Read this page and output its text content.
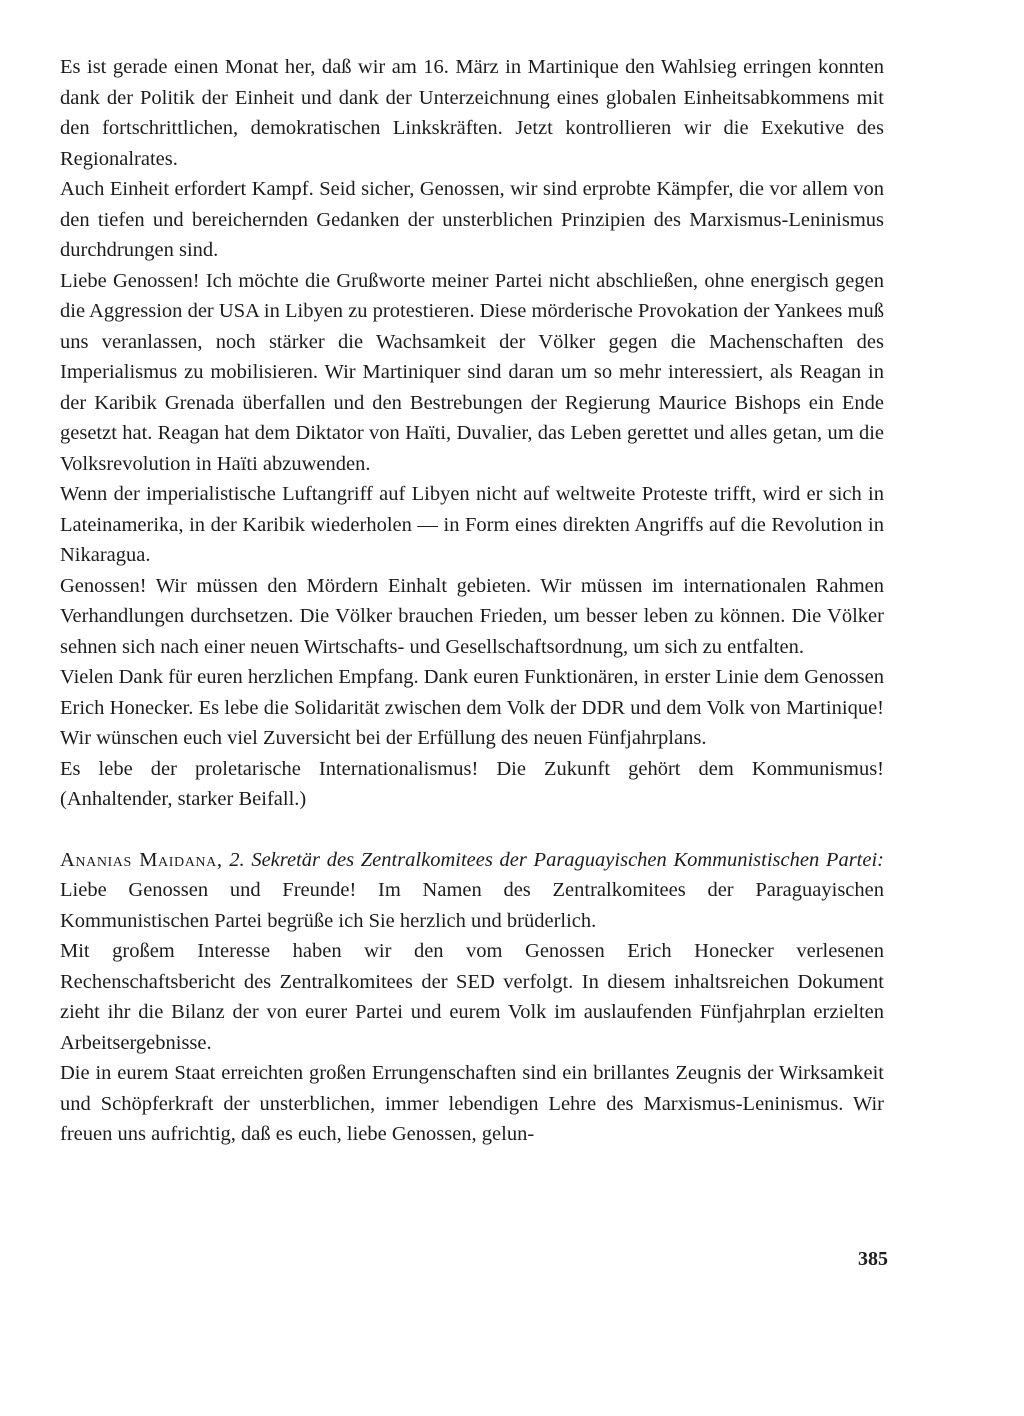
Es ist gerade einen Monat her, daß wir am 16. März in Martinique den Wahlsieg erringen konnten dank der Politik der Einheit und dank der Unterzeichnung eines globalen Einheitsabkommens mit den fortschrittlichen, demokratischen Linkskräften. Jetzt kontrollieren wir die Exekutive des Regionalrates.

Auch Einheit erfordert Kampf. Seid sicher, Genossen, wir sind erprobte Kämpfer, die vor allem von den tiefen und bereichernden Gedanken der unsterblichen Prinzipien des Marxismus-Leninismus durchdrungen sind.

Liebe Genossen! Ich möchte die Grußworte meiner Partei nicht abschließen, ohne energisch gegen die Aggression der USA in Libyen zu protestieren. Diese mörderische Provokation der Yankees muß uns veranlassen, noch stärker die Wachsamkeit der Völker gegen die Machenschaften des Imperialismus zu mobilisieren. Wir Martiniquer sind daran um so mehr interessiert, als Reagan in der Karibik Grenada überfallen und den Bestrebungen der Regierung Maurice Bishops ein Ende gesetzt hat. Reagan hat dem Diktator von Haïti, Duvalier, das Leben gerettet und alles getan, um die Volksrevolution in Haïti abzuwenden.

Wenn der imperialistische Luftangriff auf Libyen nicht auf weltweite Proteste trifft, wird er sich in Lateinamerika, in der Karibik wiederholen — in Form eines direkten Angriffs auf die Revolution in Nikaragua.

Genossen! Wir müssen den Mördern Einhalt gebieten. Wir müssen im internationalen Rahmen Verhandlungen durchsetzen. Die Völker brauchen Frieden, um besser leben zu können. Die Völker sehnen sich nach einer neuen Wirtschafts- und Gesellschaftsordnung, um sich zu entfalten.

Vielen Dank für euren herzlichen Empfang. Dank euren Funktionären, in erster Linie dem Genossen Erich Honecker. Es lebe die Solidarität zwischen dem Volk der DDR und dem Volk von Martinique! Wir wünschen euch viel Zuversicht bei der Erfüllung des neuen Fünfjahrplans.

Es lebe der proletarische Internationalismus! Die Zukunft gehört dem Kommunismus! (Anhaltender, starker Beifall.)

Ananias Maidana, 2. Sekretär des Zentralkomitees der Paraguayischen Kommunistischen Partei: Liebe Genossen und Freunde! Im Namen des Zentralkomitees der Paraguayischen Kommunistischen Partei begrüße ich Sie herzlich und brüderlich.

Mit großem Interesse haben wir den vom Genossen Erich Honecker verlesenen Rechenschaftsbericht des Zentralkomitees der SED verfolgt. In diesem inhaltsreichen Dokument zieht ihr die Bilanz der von eurer Partei und eurem Volk im auslaufenden Fünfjahrplan erzielten Arbeitsergebnisse.

Die in eurem Staat erreichten großen Errungenschaften sind ein brillantes Zeugnis der Wirksamkeit und Schöpferkraft der unsterblichen, immer lebendigen Lehre des Marxismus-Leninismus. Wir freuen uns aufrichtig, daß es euch, liebe Genossen, gelun-

385
